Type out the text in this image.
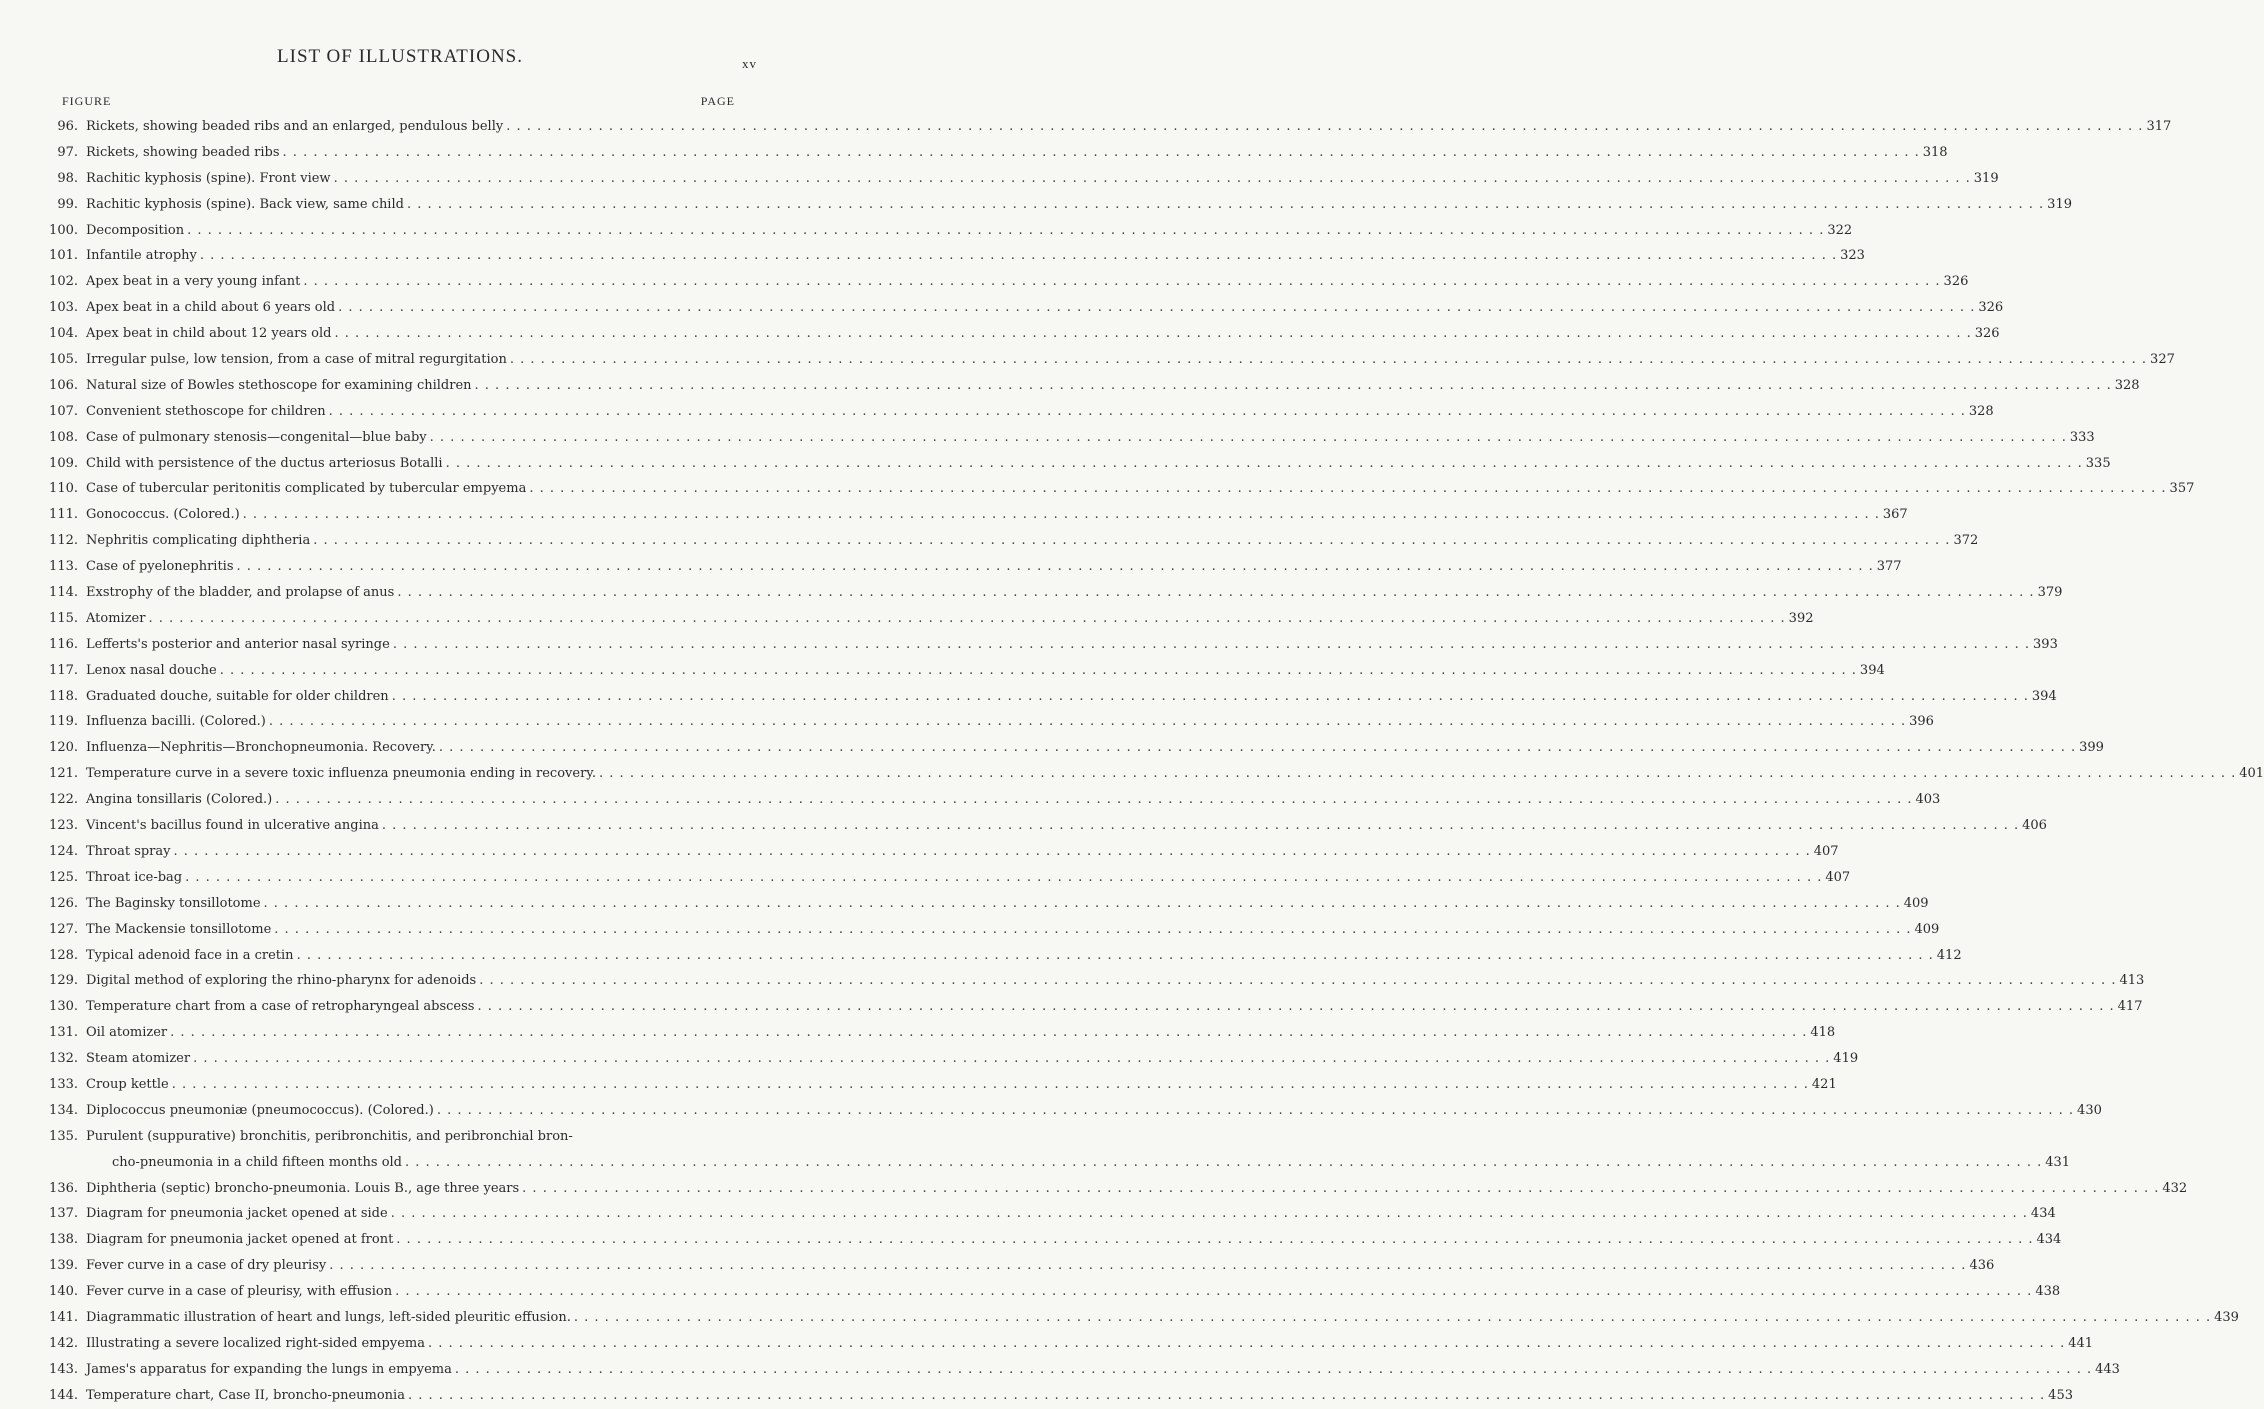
LIST OF ILLUSTRATIONS.	xv
FIGURE	PAGE
96. Rickets, showing beaded ribs and an enlarged, pendulous belly . . . . . . . . . . . . . . . . . . . . . . . . . . . . . . . . . . . . . . . . . . . . . . . . . . . . . . . . . . . . . . . . . . . . . . . . . . . . . . . . . . . . . . . . . . . . . . . . . . . . . . . . . . . . . . . . . . . . . . . . . . . . . . . . . . . . . . . . . . . . . . . . . . . . . . . . . . . . . . . . 317
97. Rickets, showing beaded ribs . . . . . . . . . . . . . . . . . . . . . . . . . . . . . . . . . . . . . . . . . . . . . . . . . . . . . . . . . . . . . . . . . . . . . . . . . . . . . . . . . . . . . . . . . . . . . . . . . . . . . . . . . . . . . . . . . . . . . . . . . . . . . . . . . . . . . . . . . . . . . . . . . . . . . . . . . . . . . . . . 318
98. Rachitic kyphosis (spine). Front view . . . . . . . . . . . . . . . . . . . . . . . . . . . . . . . . . . . . . . . . . . . . . . . . . . . . . . . . . . . . . . . . . . . . . . . . . . . . . . . . . . . . . . . . . . . . . . . . . . . . . . . . . . . . . . . . . . . . . . . . . . . . . . . . . . . . . . . . . . . . . . . . . . . . . . . . . . . . . . . . 319
99. Rachitic kyphosis (spine). Back view, same child . . . . . . . . . . . . . . . . . . . . . . . . . . . . . . . . . . . . . . . . . . . . . . . . . . . . . . . . . . . . . . . . . . . . . . . . . . . . . . . . . . . . . . . . . . . . . . . . . . . . . . . . . . . . . . . . . . . . . . . . . . . . . . . . . . . . . . . . . . . . . . . . . . . . . . . . . . . . . . . . 319
100. Decomposition . . . . . . . . . . . . . . . . . . . . . . . . . . . . . . . . . . . . . . . . . . . . . . . . . . . . . . . . . . . . . . . . . . . . . . . . . . . . . . . . . . . . . . . . . . . . . . . . . . . . . . . . . . . . . . . . . . . . . . . . . . . . . . . . . . . . . . . . . . . . . . . . . . . . . . . . . . . . . . . . 322
101. Infantile atrophy . . . . . . . . . . . . . . . . . . . . . . . . . . . . . . . . . . . . . . . . . . . . . . . . . . . . . . . . . . . . . . . . . . . . . . . . . . . . . . . . . . . . . . . . . . . . . . . . . . . . . . . . . . . . . . . . . . . . . . . . . . . . . . . . . . . . . . . . . . . . . . . . . . . . . . . . . . . . . . . . 323
102. Apex beat in a very young infant . . . . . . . . . . . . . . . . . . . . . . . . . . . . . . . . . . . . . . . . . . . . . . . . . . . . . . . . . . . . . . . . . . . . . . . . . . . . . . . . . . . . . . . . . . . . . . . . . . . . . . . . . . . . . . . . . . . . . . . . . . . . . . . . . . . . . . . . . . . . . . . . . . . . . . . . . . . . . . . . 326
103. Apex beat in a child about 6 years old . . . . . . . . . . . . . . . . . . . . . . . . . . . . . . . . . . . . . . . . . . . . . . . . . . . . . . . . . . . . . . . . . . . . . . . . . . . . . . . . . . . . . . . . . . . . . . . . . . . . . . . . . . . . . . . . . . . . . . . . . . . . . . . . . . . . . . . . . . . . . . . . . . . . . . . . . . . . . . . . 326
104. Apex beat in child about 12 years old . . . . . . . . . . . . . . . . . . . . . . . . . . . . . . . . . . . . . . . . . . . . . . . . . . . . . . . . . . . . . . . . . . . . . . . . . . . . . . . . . . . . . . . . . . . . . . . . . . . . . . . . . . . . . . . . . . . . . . . . . . . . . . . . . . . . . . . . . . . . . . . . . . . . . . . . . . . . . . . . 326
105. Irregular pulse, low tension, from a case of mitral regurgitation . . . . . . . . . . . . . . . . . . . . . . . . . . . . . . . . . . . . . . . . . . . . . . . . . . . . . . . . . . . . . . . . . . . . . . . . . . . . . . . . . . . . . . . . . . . . . . . . . . . . . . . . . . . . . . . . . . . . . . . . . . . . . . . . . . . . . . . . . . . . . . . . . . . . . . . . . . . . . . . . 327
106. Natural size of Bowles stethoscope for examining children . . . . . . . . . . . . . . . . . . . . . . . . . . . . . . . . . . . . . . . . . . . . . . . . . . . . . . . . . . . . . . . . . . . . . . . . . . . . . . . . . . . . . . . . . . . . . . . . . . . . . . . . . . . . . . . . . . . . . . . . . . . . . . . . . . . . . . . . . . . . . . . . . . . . . . . . . . . . . . . . 328
107. Convenient stethoscope for children . . . . . . . . . . . . . . . . . . . . . . . . . . . . . . . . . . . . . . . . . . . . . . . . . . . . . . . . . . . . . . . . . . . . . . . . . . . . . . . . . . . . . . . . . . . . . . . . . . . . . . . . . . . . . . . . . . . . . . . . . . . . . . . . . . . . . . . . . . . . . . . . . . . . . . . . . . . . . . . . 328
108. Case of pulmonary stenosis—congenital—blue baby . . . . . . . . . . . . . . . . . . . . . . . . . . . . . . . . . . . . . . . . . . . . . . . . . . . . . . . . . . . . . . . . . . . . . . . . . . . . . . . . . . . . . . . . . . . . . . . . . . . . . . . . . . . . . . . . . . . . . . . . . . . . . . . . . . . . . . . . . . . . . . . . . . . . . . . . . . . . . . . . 333
109. Child with persistence of the ductus arteriosus Botalli . . . . . . . . . . . . . . . . . . . . . . . . . . . . . . . . . . . . . . . . . . . . . . . . . . . . . . . . . . . . . . . . . . . . . . . . . . . . . . . . . . . . . . . . . . . . . . . . . . . . . . . . . . . . . . . . . . . . . . . . . . . . . . . . . . . . . . . . . . . . . . . . . . . . . . . . . . . . . . . . 335
110. Case of tubercular peritonitis complicated by tubercular empyema . . . . . . . . . . . . . . . . . . . . . . . . . . . . . . . . . . . . . . . . . . . . . . . . . . . . . . . . . . . . . . . . . . . . . . . . . . . . . . . . . . . . . . . . . . . . . . . . . . . . . . . . . . . . . . . . . . . . . . . . . . . . . . . . . . . . . . . . . . . . . . . . . . . . . . . . . . . . . . . . 357
111. Gonococcus. (Colored.) . . . . . . . . . . . . . . . . . . . . . . . . . . . . . . . . . . . . . . . . . . . . . . . . . . . . . . . . . . . . . . . . . . . . . . . . . . . . . . . . . . . . . . . . . . . . . . . . . . . . . . . . . . . . . . . . . . . . . . . . . . . . . . . . . . . . . . . . . . . . . . . . . . . . . . . . . . . . . . . . 367
112. Nephritis complicating diphtheria . . . . . . . . . . . . . . . . . . . . . . . . . . . . . . . . . . . . . . . . . . . . . . . . . . . . . . . . . . . . . . . . . . . . . . . . . . . . . . . . . . . . . . . . . . . . . . . . . . . . . . . . . . . . . . . . . . . . . . . . . . . . . . . . . . . . . . . . . . . . . . . . . . . . . . . . . . . . . . . . 372
113. Case of pyelonephritis . . . . . . . . . . . . . . . . . . . . . . . . . . . . . . . . . . . . . . . . . . . . . . . . . . . . . . . . . . . . . . . . . . . . . . . . . . . . . . . . . . . . . . . . . . . . . . . . . . . . . . . . . . . . . . . . . . . . . . . . . . . . . . . . . . . . . . . . . . . . . . . . . . . . . . . . . . . . . . . . 377
114. Exstrophy of the bladder, and prolapse of anus . . . . . . . . . . . . . . . . . . . . . . . . . . . . . . . . . . . . . . . . . . . . . . . . . . . . . . . . . . . . . . . . . . . . . . . . . . . . . . . . . . . . . . . . . . . . . . . . . . . . . . . . . . . . . . . . . . . . . . . . . . . . . . . . . . . . . . . . . . . . . . . . . . . . . . . . . . . . . . . . 379
115. Atomizer . . . . . . . . . . . . . . . . . . . . . . . . . . . . . . . . . . . . . . . . . . . . . . . . . . . . . . . . . . . . . . . . . . . . . . . . . . . . . . . . . . . . . . . . . . . . . . . . . . . . . . . . . . . . . . . . . . . . . . . . . . . . . . . . . . . . . . . . . . . . . . . . . . . . . . . . . . . . . . . . 392
116. Lefferts's posterior and anterior nasal syringe . . . . . . . . . . . . . . . . . . . . . . . . . . . . . . . . . . . . . . . . . . . . . . . . . . . . . . . . . . . . . . . . . . . . . . . . . . . . . . . . . . . . . . . . . . . . . . . . . . . . . . . . . . . . . . . . . . . . . . . . . . . . . . . . . . . . . . . . . . . . . . . . . . . . . . . . . . . . . . . . 393
117. Lenox nasal douche . . . . . . . . . . . . . . . . . . . . . . . . . . . . . . . . . . . . . . . . . . . . . . . . . . . . . . . . . . . . . . . . . . . . . . . . . . . . . . . . . . . . . . . . . . . . . . . . . . . . . . . . . . . . . . . . . . . . . . . . . . . . . . . . . . . . . . . . . . . . . . . . . . . . . . . . . . . . . . . . 394
118. Graduated douche, suitable for older children . . . . . . . . . . . . . . . . . . . . . . . . . . . . . . . . . . . . . . . . . . . . . . . . . . . . . . . . . . . . . . . . . . . . . . . . . . . . . . . . . . . . . . . . . . . . . . . . . . . . . . . . . . . . . . . . . . . . . . . . . . . . . . . . . . . . . . . . . . . . . . . . . . . . . . . . . . . . . . . . 394
119. Influenza bacilli. (Colored.) . . . . . . . . . . . . . . . . . . . . . . . . . . . . . . . . . . . . . . . . . . . . . . . . . . . . . . . . . . . . . . . . . . . . . . . . . . . . . . . . . . . . . . . . . . . . . . . . . . . . . . . . . . . . . . . . . . . . . . . . . . . . . . . . . . . . . . . . . . . . . . . . . . . . . . . . . . . . . . . . 396
120. Influenza—Nephritis—Bronchopneumonia. Recovery. . . . . . . . . . . . . . . . . . . . . . . . . . . . . . . . . . . . . . . . . . . . . . . . . . . . . . . . . . . . . . . . . . . . . . . . . . . . . . . . . . . . . . . . . . . . . . . . . . . . . . . . . . . . . . . . . . . . . . . . . . . . . . . . . . . . . . . . . . . . . . . . . . . . . . . . . . . . . . . . . 399
121. Temperature curve in a severe toxic influenza pneumonia ending in recovery. . . . . . . . . . . . . . . . . . . . . . . . . . . . . . . . . . . . . . . . . . . . . . . . . . . . . . . . . . . . . . . . . . . . . . . . . . . . . . . . . . . . . . . . . . . . . . . . . . . . . . . . . . . . . . . . . . . . . . . . . . . . . . . . . . . . . . . . . . . . . . . . . . . . . . . . . . . . . . . . . 401
122. Angina tonsillaris (Colored.) . . . . . . . . . . . . . . . . . . . . . . . . . . . . . . . . . . . . . . . . . . . . . . . . . . . . . . . . . . . . . . . . . . . . . . . . . . . . . . . . . . . . . . . . . . . . . . . . . . . . . . . . . . . . . . . . . . . . . . . . . . . . . . . . . . . . . . . . . . . . . . . . . . . . . . . . . . . . . . . . 403
123. Vincent's bacillus found in ulcerative angina . . . . . . . . . . . . . . . . . . . . . . . . . . . . . . . . . . . . . . . . . . . . . . . . . . . . . . . . . . . . . . . . . . . . . . . . . . . . . . . . . . . . . . . . . . . . . . . . . . . . . . . . . . . . . . . . . . . . . . . . . . . . . . . . . . . . . . . . . . . . . . . . . . . . . . . . . . . . . . . . 406
124. Throat spray . . . . . . . . . . . . . . . . . . . . . . . . . . . . . . . . . . . . . . . . . . . . . . . . . . . . . . . . . . . . . . . . . . . . . . . . . . . . . . . . . . . . . . . . . . . . . . . . . . . . . . . . . . . . . . . . . . . . . . . . . . . . . . . . . . . . . . . . . . . . . . . . . . . . . . . . . . . . . . . . 407
125. Throat ice-bag . . . . . . . . . . . . . . . . . . . . . . . . . . . . . . . . . . . . . . . . . . . . . . . . . . . . . . . . . . . . . . . . . . . . . . . . . . . . . . . . . . . . . . . . . . . . . . . . . . . . . . . . . . . . . . . . . . . . . . . . . . . . . . . . . . . . . . . . . . . . . . . . . . . . . . . . . . . . . . . . 407
126. The Baginsky tonsillotome . . . . . . . . . . . . . . . . . . . . . . . . . . . . . . . . . . . . . . . . . . . . . . . . . . . . . . . . . . . . . . . . . . . . . . . . . . . . . . . . . . . . . . . . . . . . . . . . . . . . . . . . . . . . . . . . . . . . . . . . . . . . . . . . . . . . . . . . . . . . . . . . . . . . . . . . . . . . . . . . 409
127. The Mackensie tonsillotome . . . . . . . . . . . . . . . . . . . . . . . . . . . . . . . . . . . . . . . . . . . . . . . . . . . . . . . . . . . . . . . . . . . . . . . . . . . . . . . . . . . . . . . . . . . . . . . . . . . . . . . . . . . . . . . . . . . . . . . . . . . . . . . . . . . . . . . . . . . . . . . . . . . . . . . . . . . . . . . . 409
128. Typical adenoid face in a cretin . . . . . . . . . . . . . . . . . . . . . . . . . . . . . . . . . . . . . . . . . . . . . . . . . . . . . . . . . . . . . . . . . . . . . . . . . . . . . . . . . . . . . . . . . . . . . . . . . . . . . . . . . . . . . . . . . . . . . . . . . . . . . . . . . . . . . . . . . . . . . . . . . . . . . . . . . . . . . . . . 412
129. Digital method of exploring the rhino-pharynx for adenoids . . . . . . . . . . . . . . . . . . . . . . . . . . . . . . . . . . . . . . . . . . . . . . . . . . . . . . . . . . . . . . . . . . . . . . . . . . . . . . . . . . . . . . . . . . . . . . . . . . . . . . . . . . . . . . . . . . . . . . . . . . . . . . . . . . . . . . . . . . . . . . . . . . . . . . . . . . . . . . . . 413
130. Temperature chart from a case of retropharyngeal abscess . . . . . . . . . . . . . . . . . . . . . . . . . . . . . . . . . . . . . . . . . . . . . . . . . . . . . . . . . . . . . . . . . . . . . . . . . . . . . . . . . . . . . . . . . . . . . . . . . . . . . . . . . . . . . . . . . . . . . . . . . . . . . . . . . . . . . . . . . . . . . . . . . . . . . . . . . . . . . . . . 417
131. Oil atomizer . . . . . . . . . . . . . . . . . . . . . . . . . . . . . . . . . . . . . . . . . . . . . . . . . . . . . . . . . . . . . . . . . . . . . . . . . . . . . . . . . . . . . . . . . . . . . . . . . . . . . . . . . . . . . . . . . . . . . . . . . . . . . . . . . . . . . . . . . . . . . . . . . . . . . . . . . . . . . . . . 418
132. Steam atomizer . . . . . . . . . . . . . . . . . . . . . . . . . . . . . . . . . . . . . . . . . . . . . . . . . . . . . . . . . . . . . . . . . . . . . . . . . . . . . . . . . . . . . . . . . . . . . . . . . . . . . . . . . . . . . . . . . . . . . . . . . . . . . . . . . . . . . . . . . . . . . . . . . . . . . . . . . . . . . . . . 419
133. Croup kettle . . . . . . . . . . . . . . . . . . . . . . . . . . . . . . . . . . . . . . . . . . . . . . . . . . . . . . . . . . . . . . . . . . . . . . . . . . . . . . . . . . . . . . . . . . . . . . . . . . . . . . . . . . . . . . . . . . . . . . . . . . . . . . . . . . . . . . . . . . . . . . . . . . . . . . . . . . . . . . . . 421
134. Diplococcus pneumoniæ (pneumococcus). (Colored.) . . . . . . . . . . . . . . . . . . . . . . . . . . . . . . . . . . . . . . . . . . . . . . . . . . . . . . . . . . . . . . . . . . . . . . . . . . . . . . . . . . . . . . . . . . . . . . . . . . . . . . . . . . . . . . . . . . . . . . . . . . . . . . . . . . . . . . . . . . . . . . . . . . . . . . . . . . . . . . . . 430
135. Purulent (suppurative) bronchitis, peribronchitis, and peribronchial bron-
cho-pneumonia in a child fifteen months old . . . . . . . . . . . . . . . . . . . . . . . . . . . . . . . . . . . . . . . . . . . . . . . . . . . . . . . . . . . . . . . . . . . . . . . . . . . . . . . . . . . . . . . . . . . . . . . . . . . . . . . . . . . . . . . . . . . . . . . . . . . . . . . . . . . . . . . . . . . . . . . . . . . . . . . . . . . . . . . . 431
136. Diphtheria (septic) broncho-pneumonia. Louis B., age three years . . . . . . . . . . . . . . . . . . . . . . . . . . . . . . . . . . . . . . . . . . . . . . . . . . . . . . . . . . . . . . . . . . . . . . . . . . . . . . . . . . . . . . . . . . . . . . . . . . . . . . . . . . . . . . . . . . . . . . . . . . . . . . . . . . . . . . . . . . . . . . . . . . . . . . . . . . . . . . . . 432
137. Diagram for pneumonia jacket opened at side . . . . . . . . . . . . . . . . . . . . . . . . . . . . . . . . . . . . . . . . . . . . . . . . . . . . . . . . . . . . . . . . . . . . . . . . . . . . . . . . . . . . . . . . . . . . . . . . . . . . . . . . . . . . . . . . . . . . . . . . . . . . . . . . . . . . . . . . . . . . . . . . . . . . . . . . . . . . . . . . 434
138. Diagram for pneumonia jacket opened at front . . . . . . . . . . . . . . . . . . . . . . . . . . . . . . . . . . . . . . . . . . . . . . . . . . . . . . . . . . . . . . . . . . . . . . . . . . . . . . . . . . . . . . . . . . . . . . . . . . . . . . . . . . . . . . . . . . . . . . . . . . . . . . . . . . . . . . . . . . . . . . . . . . . . . . . . . . . . . . . . 434
139. Fever curve in a case of dry pleurisy . . . . . . . . . . . . . . . . . . . . . . . . . . . . . . . . . . . . . . . . . . . . . . . . . . . . . . . . . . . . . . . . . . . . . . . . . . . . . . . . . . . . . . . . . . . . . . . . . . . . . . . . . . . . . . . . . . . . . . . . . . . . . . . . . . . . . . . . . . . . . . . . . . . . . . . . . . . . . . . . 436
140. Fever curve in a case of pleurisy, with effusion . . . . . . . . . . . . . . . . . . . . . . . . . . . . . . . . . . . . . . . . . . . . . . . . . . . . . . . . . . . . . . . . . . . . . . . . . . . . . . . . . . . . . . . . . . . . . . . . . . . . . . . . . . . . . . . . . . . . . . . . . . . . . . . . . . . . . . . . . . . . . . . . . . . . . . . . . . . . . . . . 438
141. Diagrammatic illustration of heart and lungs, left-sided pleuritic effusion. . . . . . . . . . . . . . . . . . . . . . . . . . . . . . . . . . . . . . . . . . . . . . . . . . . . . . . . . . . . . . . . . . . . . . . . . . . . . . . . . . . . . . . . . . . . . . . . . . . . . . . . . . . . . . . . . . . . . . . . . . . . . . . . . . . . . . . . . . . . . . . . . . . . . . . . . . . . . . . . . 439
142. Illustrating a severe localized right-sided empyema . . . . . . . . . . . . . . . . . . . . . . . . . . . . . . . . . . . . . . . . . . . . . . . . . . . . . . . . . . . . . . . . . . . . . . . . . . . . . . . . . . . . . . . . . . . . . . . . . . . . . . . . . . . . . . . . . . . . . . . . . . . . . . . . . . . . . . . . . . . . . . . . . . . . . . . . . . . . . . . . 441
143. James's apparatus for expanding the lungs in empyema . . . . . . . . . . . . . . . . . . . . . . . . . . . . . . . . . . . . . . . . . . . . . . . . . . . . . . . . . . . . . . . . . . . . . . . . . . . . . . . . . . . . . . . . . . . . . . . . . . . . . . . . . . . . . . . . . . . . . . . . . . . . . . . . . . . . . . . . . . . . . . . . . . . . . . . . . . . . . . . . 443
144. Temperature chart, Case II, broncho-pneumonia . . . . . . . . . . . . . . . . . . . . . . . . . . . . . . . . . . . . . . . . . . . . . . . . . . . . . . . . . . . . . . . . . . . . . . . . . . . . . . . . . . . . . . . . . . . . . . . . . . . . . . . . . . . . . . . . . . . . . . . . . . . . . . . . . . . . . . . . . . . . . . . . . . . . . . . . . . . . . . . . 453
